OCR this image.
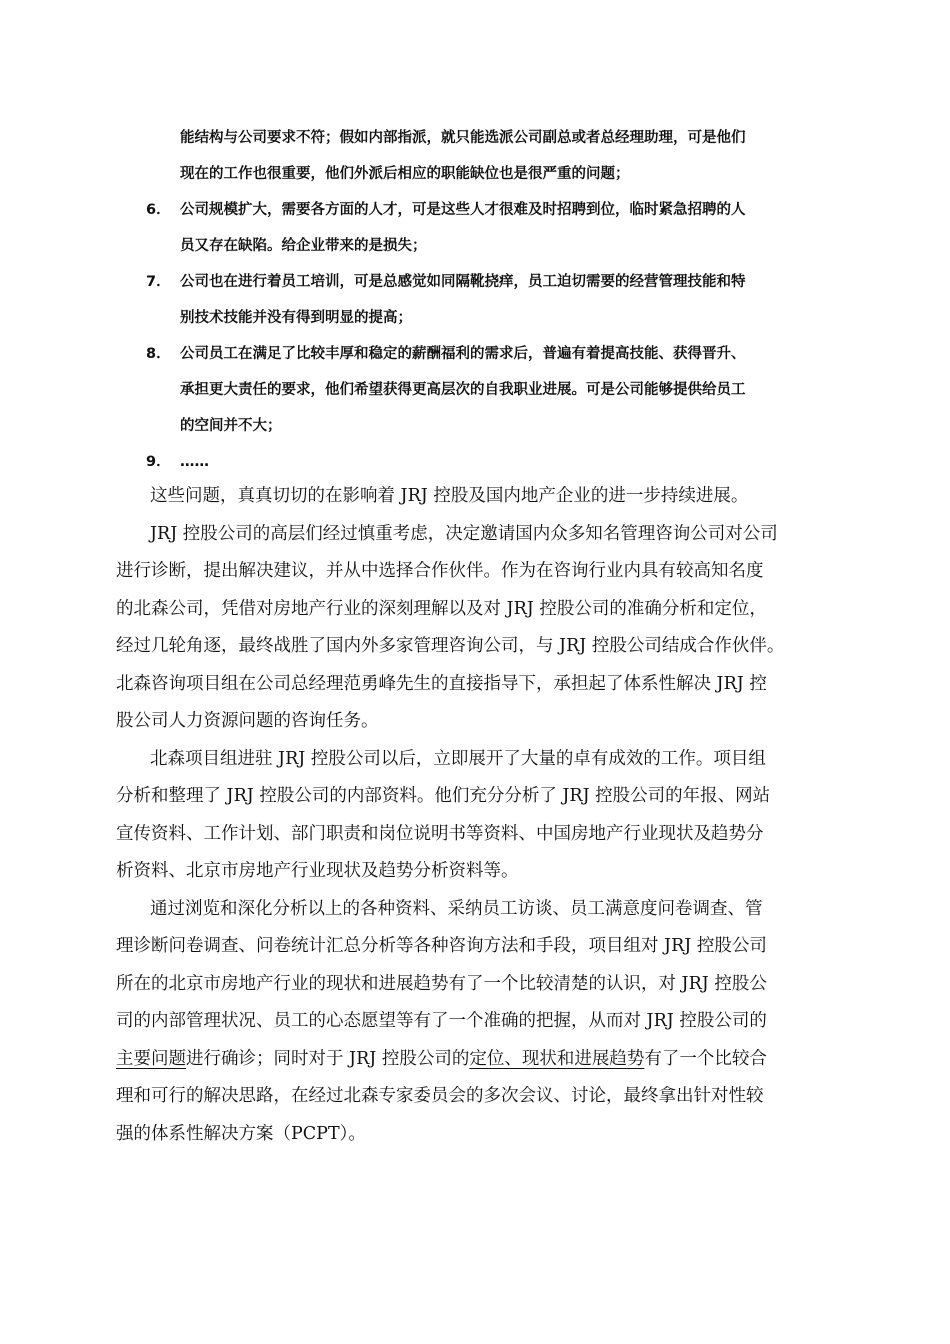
能结构与公司要求不符；假如内部指派，就只能选派公司副总或者总经理助理，可是他们
现在的工作也很重要，他们外派后相应的职能缺位也是很严重的问题；
6． 公司规模扩大，需要各方面的人才，可是这些人才很难及时招聘到位，临时紧急招聘的人
员又存在缺陷。给企业带来的是损失；
7． 公司也在进行着员工培训，可是总感觉如同隔靴挠痒，员工迫切需要的经营管理技能和特
别技术技能并没有得到明显的提高；
8． 公司员工在满足了比较丰厚和稳定的薪酬福利的需求后，普遍有着提高技能、获得晋升、
承担更大责任的要求，他们希望获得更高层次的自我职业进展。可是公司能够提供给员工
的空间并不大；
9． ……
这些问题，真真切切的在影响着 JRJ 控股及国内地产企业的进一步持续进展。
JRJ 控股公司的高层们经过慎重考虑，决定邀请国内众多知名管理咨询公司对公司
进行诊断，提出解决建议，并从中选择合作伙伴。作为在咨询行业内具有较高知名度
的北森公司，凭借对房地产行业的深刻理解以及对 JRJ 控股公司的准确分析和定位，
经过几轮角逐，最终战胜了国内外多家管理咨询公司，与 JRJ 控股公司结成合作伙伴。
北森咨询项目组在公司总经理范勇峰先生的直接指导下，承担起了体系性解决 JRJ 控
股公司人力资源问题的咨询任务。
北森项目组进驻 JRJ 控股公司以后，立即展开了大量的卓有成效的工作。项目组
分析和整理了 JRJ 控股公司的内部资料。他们充分分析了 JRJ 控股公司的年报、网站
宣传资料、工作计划、部门职责和岗位说明书等资料、中国房地产行业现状及趋势分
析资料、北京市房地产行业现状及趋势分析资料等。
通过浏览和深化分析以上的各种资料、采纳员工访谈、员工满意度问卷调查、管
理诊断问卷调查、问卷统计汇总分析等各种咨询方法和手段，项目组对 JRJ 控股公司
所在的北京市房地产行业的现状和进展趋势有了一个比较清楚的认识，对 JRJ 控股公
司的内部管理状况、员工的心态愿望等有了一个准确的把握，从而对 JRJ 控股公司的
主要问题进行确诊；同时对于 JRJ 控股公司的定位、现状和进展趋势有了一个比较合
理和可行的解决思路，在经过北森专家委员会的多次会议、讨论，最终拿出针对性较
强的体系性解决方案（PCPT）。
